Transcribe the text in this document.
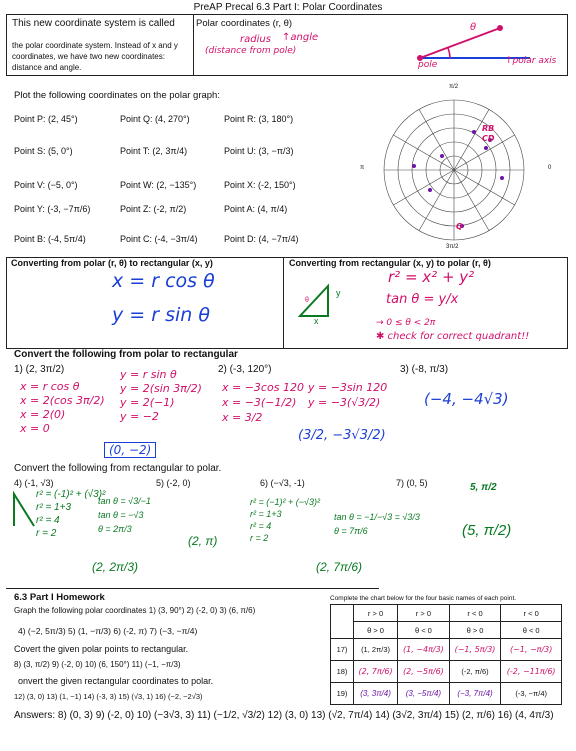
PreAP Precal 6.3 Part I: Polar Coordinates
This new coordinate system is called
the polar coordinate system. Instead of x and y coordinates, we have two new coordinates: distance and angle.
Polar coordinates (r, θ)
radius
(distance from pole)
↑angle
θ
pole	↑polar axis
Plot the following coordinates on the polar graph:
Point P: (2, 45°)	Point Q: (4, 270°)	Point R: (3, 180°)
Point S: (5, 0°)	Point T: (2, 3π/4)	Point U: (3, −π/3)
Point V: (−5, 0°)	Point W: (2, −135°)	Point X: (-2, 150°)
Point Y: (-3, −7π/6)	Point Z: (-2, π/2)	Point A: (4, π/4)
Point B: (-4, 5π/4)	Point C: (-4, −3π/4)	Point D: (4, −7π/4)
π/2
3π/2
π	0
RB
CD
Q
Converting from polar (r, θ) to rectangular (x, y)	Converting from rectangular (x, y) to polar (r, θ)
x = r cos θ
y = r sin θ
y
x
θ
r² = x² + y²
tan θ = y/x
→ 0 ≤ θ < 2π
✱ check for correct quadrant!!
Convert the following from polar to rectangular
1) (2, 3π/2)	2) (-3, 120°)	3) (-8, π/3)
x = r cos θ
x = 2(cos 3π/2)
x = 2(0)
x = 0
y = r sin θ
y = 2(sin 3π/2)
y = 2(−1)
y = −2
(0, −2)
x = −3cos 120
x = −3(−1/2)
x = 3/2
y = −3sin 120
y = −3(√3/2)
(3/2, −3√3/2)
(−4, −4√3)
Convert the following from rectangular to polar.
4) (-1, √3)	5) (-2, 0)	6) (−√3, -1)	7) (0, 5)
r² = (-1)² + (√3)²
r² = 1+3
r² = 4
r = 2
tan θ = √3/−1
tan θ = −√3
θ = 2π/3
(2, 2π/3)
(2, π)
r² = (−1)² + (−√3)²
r² = 1+3
r² = 4
r = 2
tan θ = −1/−√3 = √3/3
θ = 7π/6
(2, 7π/6)
5, π/2
(5, π/2)
6.3 Part I Homework
Graph the following polar coordinates 1) (3, 90°) 2) (-2, 0) 3) (6, π/6)
4) (−2, 5π/3) 5) (1, −π/3) 6) (-2, π) 7) (−3, −π/4)
Covert the given polar points to rectangular.
8) (3, π/2) 9) (-2, 0) 10) (6, 150°) 11) (−1, −π/3)
onvert the given rectangular coordinates to polar.
12) (3, 0) 13) (1, −1) 14) (-3, 3) 15) (√3, 1) 16) (−2, −2√3)
Complete the chart below for the four basic names of each point.
	r > 0	r > 0	r < 0	r < 0
	θ > 0	θ < 0	θ > 0	θ < 0
17)	(1, 2π/3)	(1, −4π/3)	(−1, 5π/3)	(−1, −π/3)
18)	(2, 7π/6)	(2, −5π/6)	(-2, π/6)	(-2, −11π/6)
19)	(3, 3π/4)	(3, −5π/4)	(−3, 7π/4)	(-3, −π/4)
Answers: 8) (0, 3) 9) (-2, 0) 10) (−3√3, 3) 11) (−1/2, √3/2) 12) (3, 0) 13) (√2, 7π/4) 14) (3√2, 3π/4) 15) (2, π/6) 16) (4, 4π/3)
